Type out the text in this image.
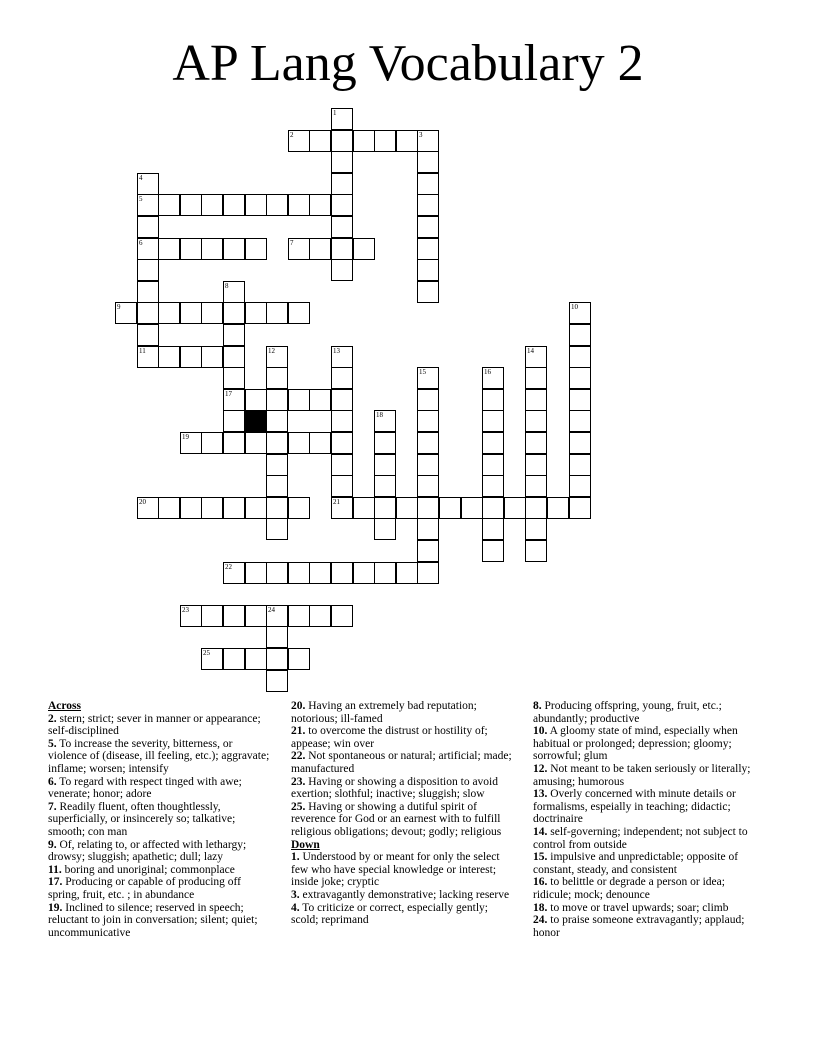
AP Lang Vocabulary 2
1
2	3
4
5
6	7
8
9	10
11	12	13	14
15	16
17
18
19
20	21
22
23	24
25
Across
2. stern; strict; sever in manner or appearance; self-disciplined
5. To increase the severity, bitterness, or violence of (disease, ill feeling, etc.); aggravate; inflame; worsen; intensify
6. To regard with respect tinged with awe; venerate; honor; adore
7. Readily fluent, often thoughtlessly, superficially, or insincerely so; talkative; smooth; con man
9. Of, relating to, or affected with lethargy; drowsy; sluggish; apathetic; dull; lazy
11. boring and unoriginal; commonplace
17. Producing or capable of producing off spring, fruit, etc. ; in abundance
19. Inclined to silence; reserved in speech; reluctant to join in conversation; silent; quiet; uncommunicative
20. Having an extremely bad reputation; notorious; ill-famed
21. to overcome the distrust or hostility of; appease; win over
22. Not spontaneous or natural; artificial; made; manufactured
23. Having or showing a disposition to avoid exertion; slothful; inactive; sluggish; slow
25. Having or showing a dutiful spirit of reverence for God or an earnest with to fulfill religious obligations; devout; godly; religious
Down
1. Understood by or meant for only the select few who have special knowledge or interest; inside joke; cryptic
3. extravagantly demonstrative; lacking reserve
4. To criticize or correct, especially gently; scold; reprimand
8. Producing offspring, young, fruit, etc.; abundantly; productive
10. A gloomy state of mind, especially when habitual or prolonged; depression; gloomy; sorrowful; glum
12. Not meant to be taken seriously or literally; amusing; humorous
13. Overly concerned with minute details or formalisms, espeially in teaching; didactic; doctrinaire
14. self-governing; independent; not subject to control from outside
15. impulsive and unpredictable; opposite of constant, steady, and consistent
16. to belittle or degrade a person or idea; ridicule; mock; denounce
18. to move or travel upwards; soar; climb
24. to praise someone extravagantly; applaud; honor
